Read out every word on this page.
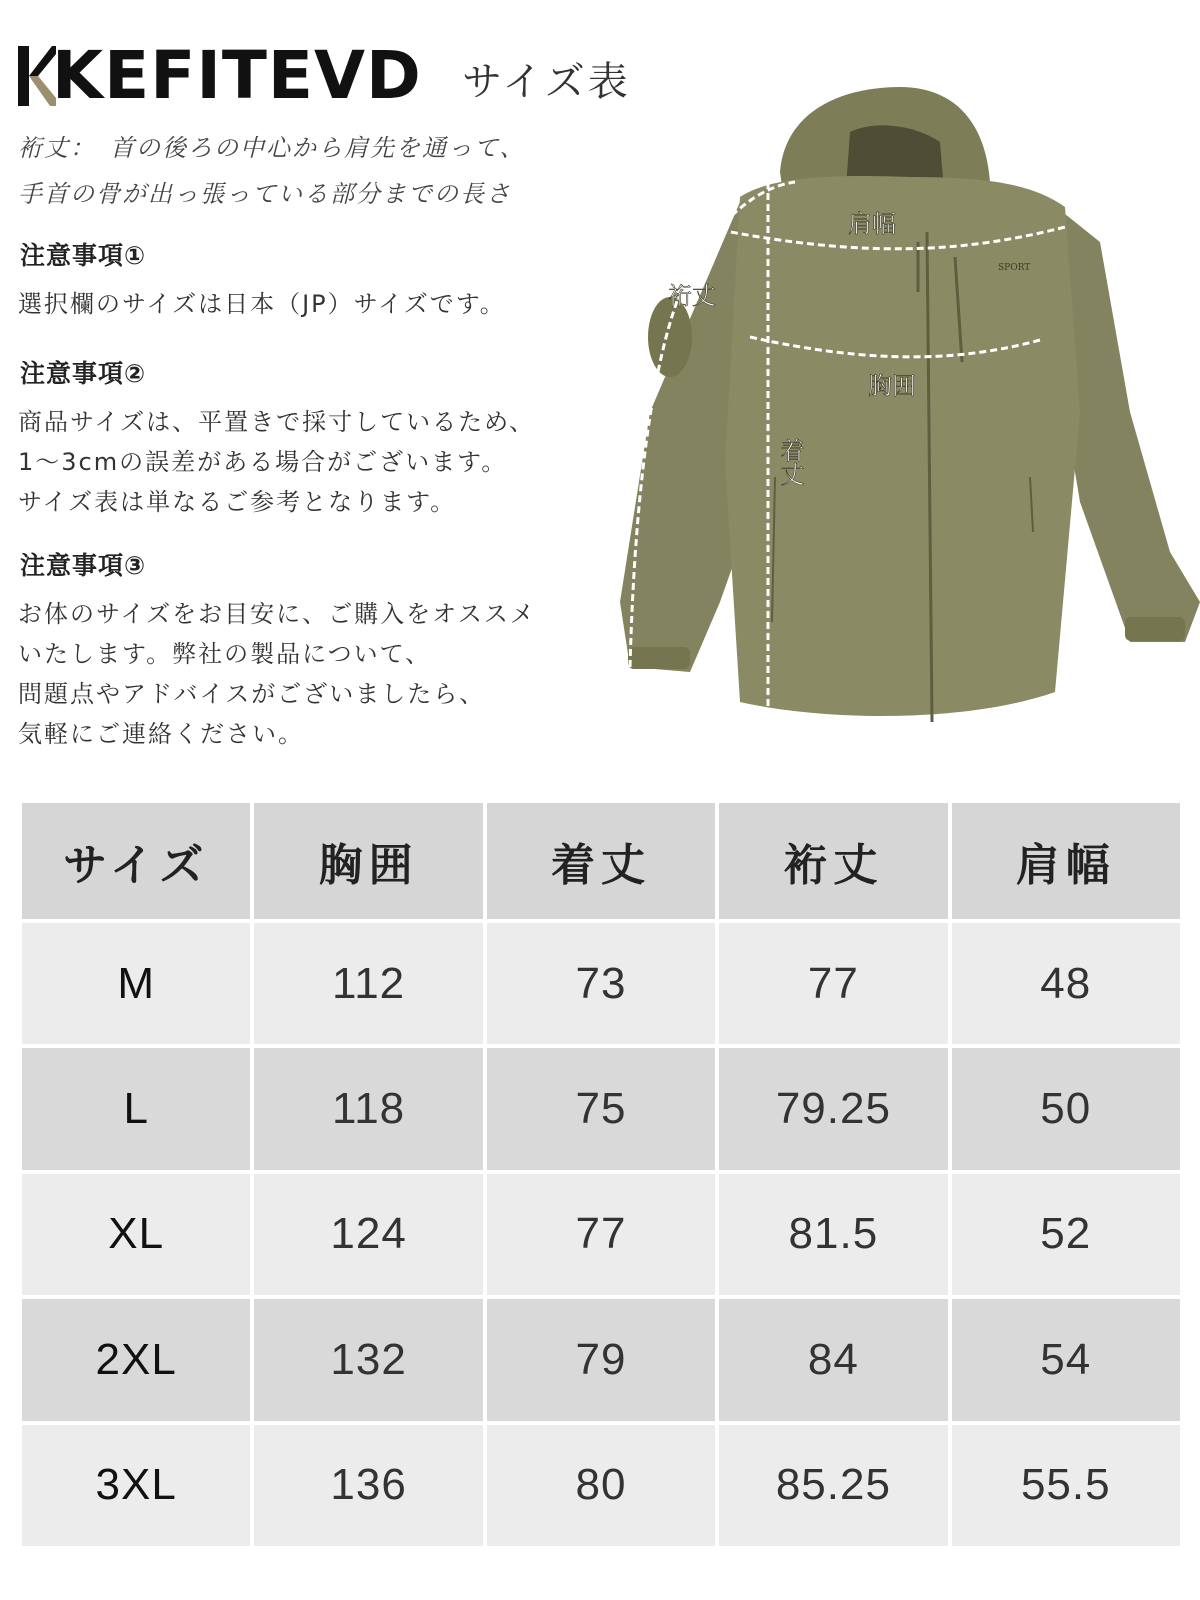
KEFITEVD サイズ表
裄丈：　首の後ろの中心から肩先を通って、
手首の骨が出っ張っている部分までの長さ
注意事項①
選択欄のサイズは日本（JP）サイズです。
注意事項②
商品サイズは、平置きで採寸しているため、
1～3cmの誤差がある場合がございます。
サイズ表は単なるご参考となります。
注意事項③
お体のサイズをお目安に、ご購入をオススメ
いたします。弊社の製品について、
問題点やアドバイスがございましたら、
気軽にご連絡ください。
SPORT
肩幅
裄丈
胸囲
着丈
サイズ	胸囲	着丈	裄丈	肩幅
M	112	73	77	48
L	118	75	79.25	50
XL	124	77	81.5	52
2XL	132	79	84	54
3XL	136	80	85.25	55.5
